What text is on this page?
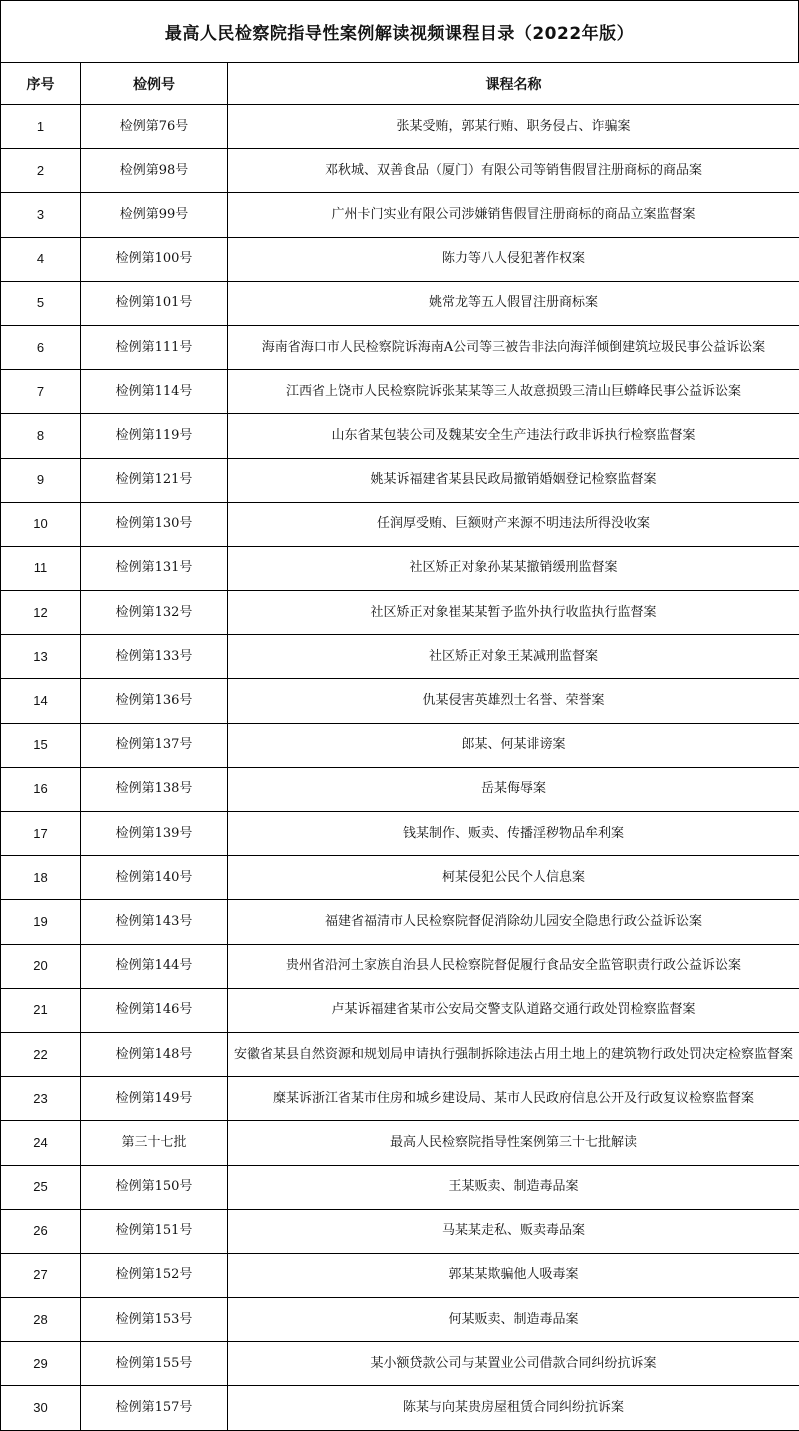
最高人民检察院指导性案例解读视频课程目录（2022年版）
序号	检例号	课程名称
1	检例第76号	张某受贿，郭某行贿、职务侵占、诈骗案
2	检例第98号	邓秋城、双善食品（厦门）有限公司等销售假冒注册商标的商品案
3	检例第99号	广州卡门实业有限公司涉嫌销售假冒注册商标的商品立案监督案
4	检例第100号	陈力等八人侵犯著作权案
5	检例第101号	姚常龙等五人假冒注册商标案
6	检例第111号	海南省海口市人民检察院诉海南A公司等三被告非法向海洋倾倒建筑垃圾民事公益诉讼案
7	检例第114号	江西省上饶市人民检察院诉张某某等三人故意损毁三清山巨蟒峰民事公益诉讼案
8	检例第119号	山东省某包装公司及魏某安全生产违法行政非诉执行检察监督案
9	检例第121号	姚某诉福建省某县民政局撤销婚姻登记检察监督案
10	检例第130号	任润厚受贿、巨额财产来源不明违法所得没收案
11	检例第131号	社区矫正对象孙某某撤销缓刑监督案
12	检例第132号	社区矫正对象崔某某暂予监外执行收监执行监督案
13	检例第133号	社区矫正对象王某减刑监督案
14	检例第136号	仇某侵害英雄烈士名誉、荣誉案
15	检例第137号	郎某、何某诽谤案
16	检例第138号	岳某侮辱案
17	检例第139号	钱某制作、贩卖、传播淫秽物品牟利案
18	检例第140号	柯某侵犯公民个人信息案
19	检例第143号	福建省福清市人民检察院督促消除幼儿园安全隐患行政公益诉讼案
20	检例第144号	贵州省沿河土家族自治县人民检察院督促履行食品安全监管职责行政公益诉讼案
21	检例第146号	卢某诉福建省某市公安局交警支队道路交通行政处罚检察监督案
22	检例第148号	安徽省某县自然资源和规划局申请执行强制拆除违法占用土地上的建筑物行政处罚决定检察监督案
23	检例第149号	糜某诉浙江省某市住房和城乡建设局、某市人民政府信息公开及行政复议检察监督案
24	第三十七批	最高人民检察院指导性案例第三十七批解读
25	检例第150号	王某贩卖、制造毒品案
26	检例第151号	马某某走私、贩卖毒品案
27	检例第152号	郭某某欺骗他人吸毒案
28	检例第153号	何某贩卖、制造毒品案
29	检例第155号	某小额贷款公司与某置业公司借款合同纠纷抗诉案
30	检例第157号	陈某与向某贵房屋租赁合同纠纷抗诉案
